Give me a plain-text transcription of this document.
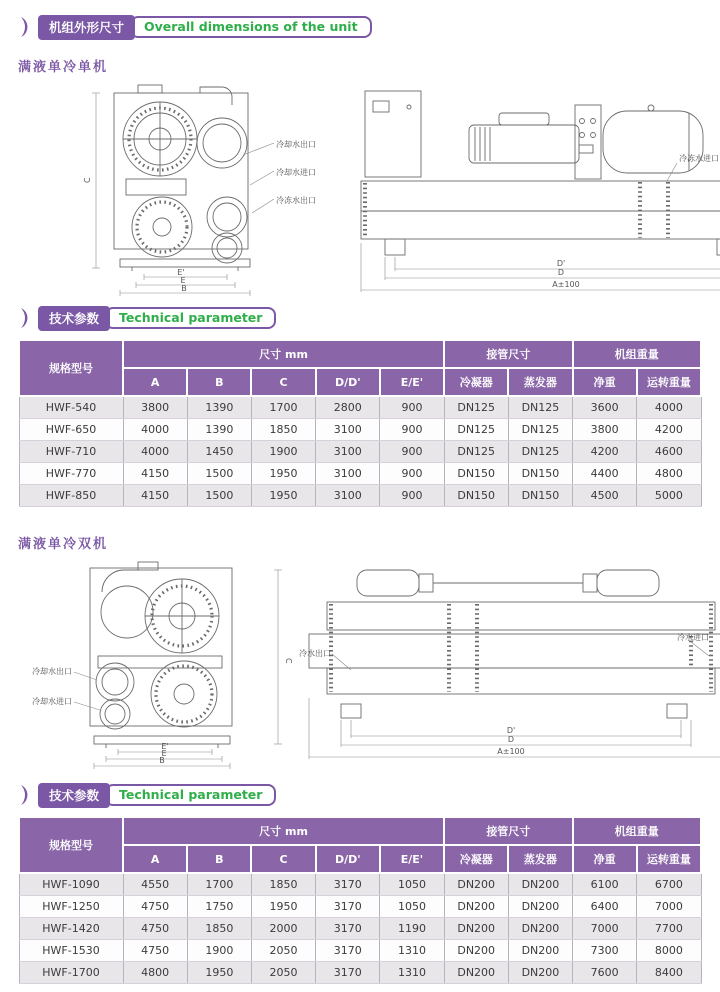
机组外形尺寸	Overall dimensions of the unit
满液单冷单机
C
E'
E
B
冷却水出口
冷却水进口
冷冻水出口
冷冻水进口
D'
D
A±100
技术参数	Technical parameter
规格型号	尺寸 mm					接管尺寸		机组重量	
	A	B	C	D/D'	E/E'	冷凝器	蒸发器	净重	运转重量
HWF-540	3800	1390	1700	2800	900	DN125	DN125	3600	4000
HWF-650	4000	1390	1850	3100	900	DN125	DN125	3800	4200
HWF-710	4000	1450	1900	3100	900	DN125	DN125	4200	4600
HWF-770	4150	1500	1950	3100	900	DN150	DN150	4400	4800
HWF-850	4150	1500	1950	3100	900	DN150	DN150	4500	5000
满液单冷双机
冷却水出口
冷却水进口
C
E'
E
B
冷水出口
冷水进口
D'
D
A±100
技术参数	Technical parameter
规格型号	尺寸 mm					接管尺寸		机组重量	
	A	B	C	D/D'	E/E'	冷凝器	蒸发器	净重	运转重量
HWF-1090	4550	1700	1850	3170	1050	DN200	DN200	6100	6700
HWF-1250	4750	1750	1950	3170	1050	DN200	DN200	6400	7000
HWF-1420	4750	1850	2000	3170	1190	DN200	DN200	7000	7700
HWF-1530	4750	1900	2050	3170	1310	DN200	DN200	7300	8000
HWF-1700	4800	1950	2050	3170	1310	DN200	DN200	7600	8400
